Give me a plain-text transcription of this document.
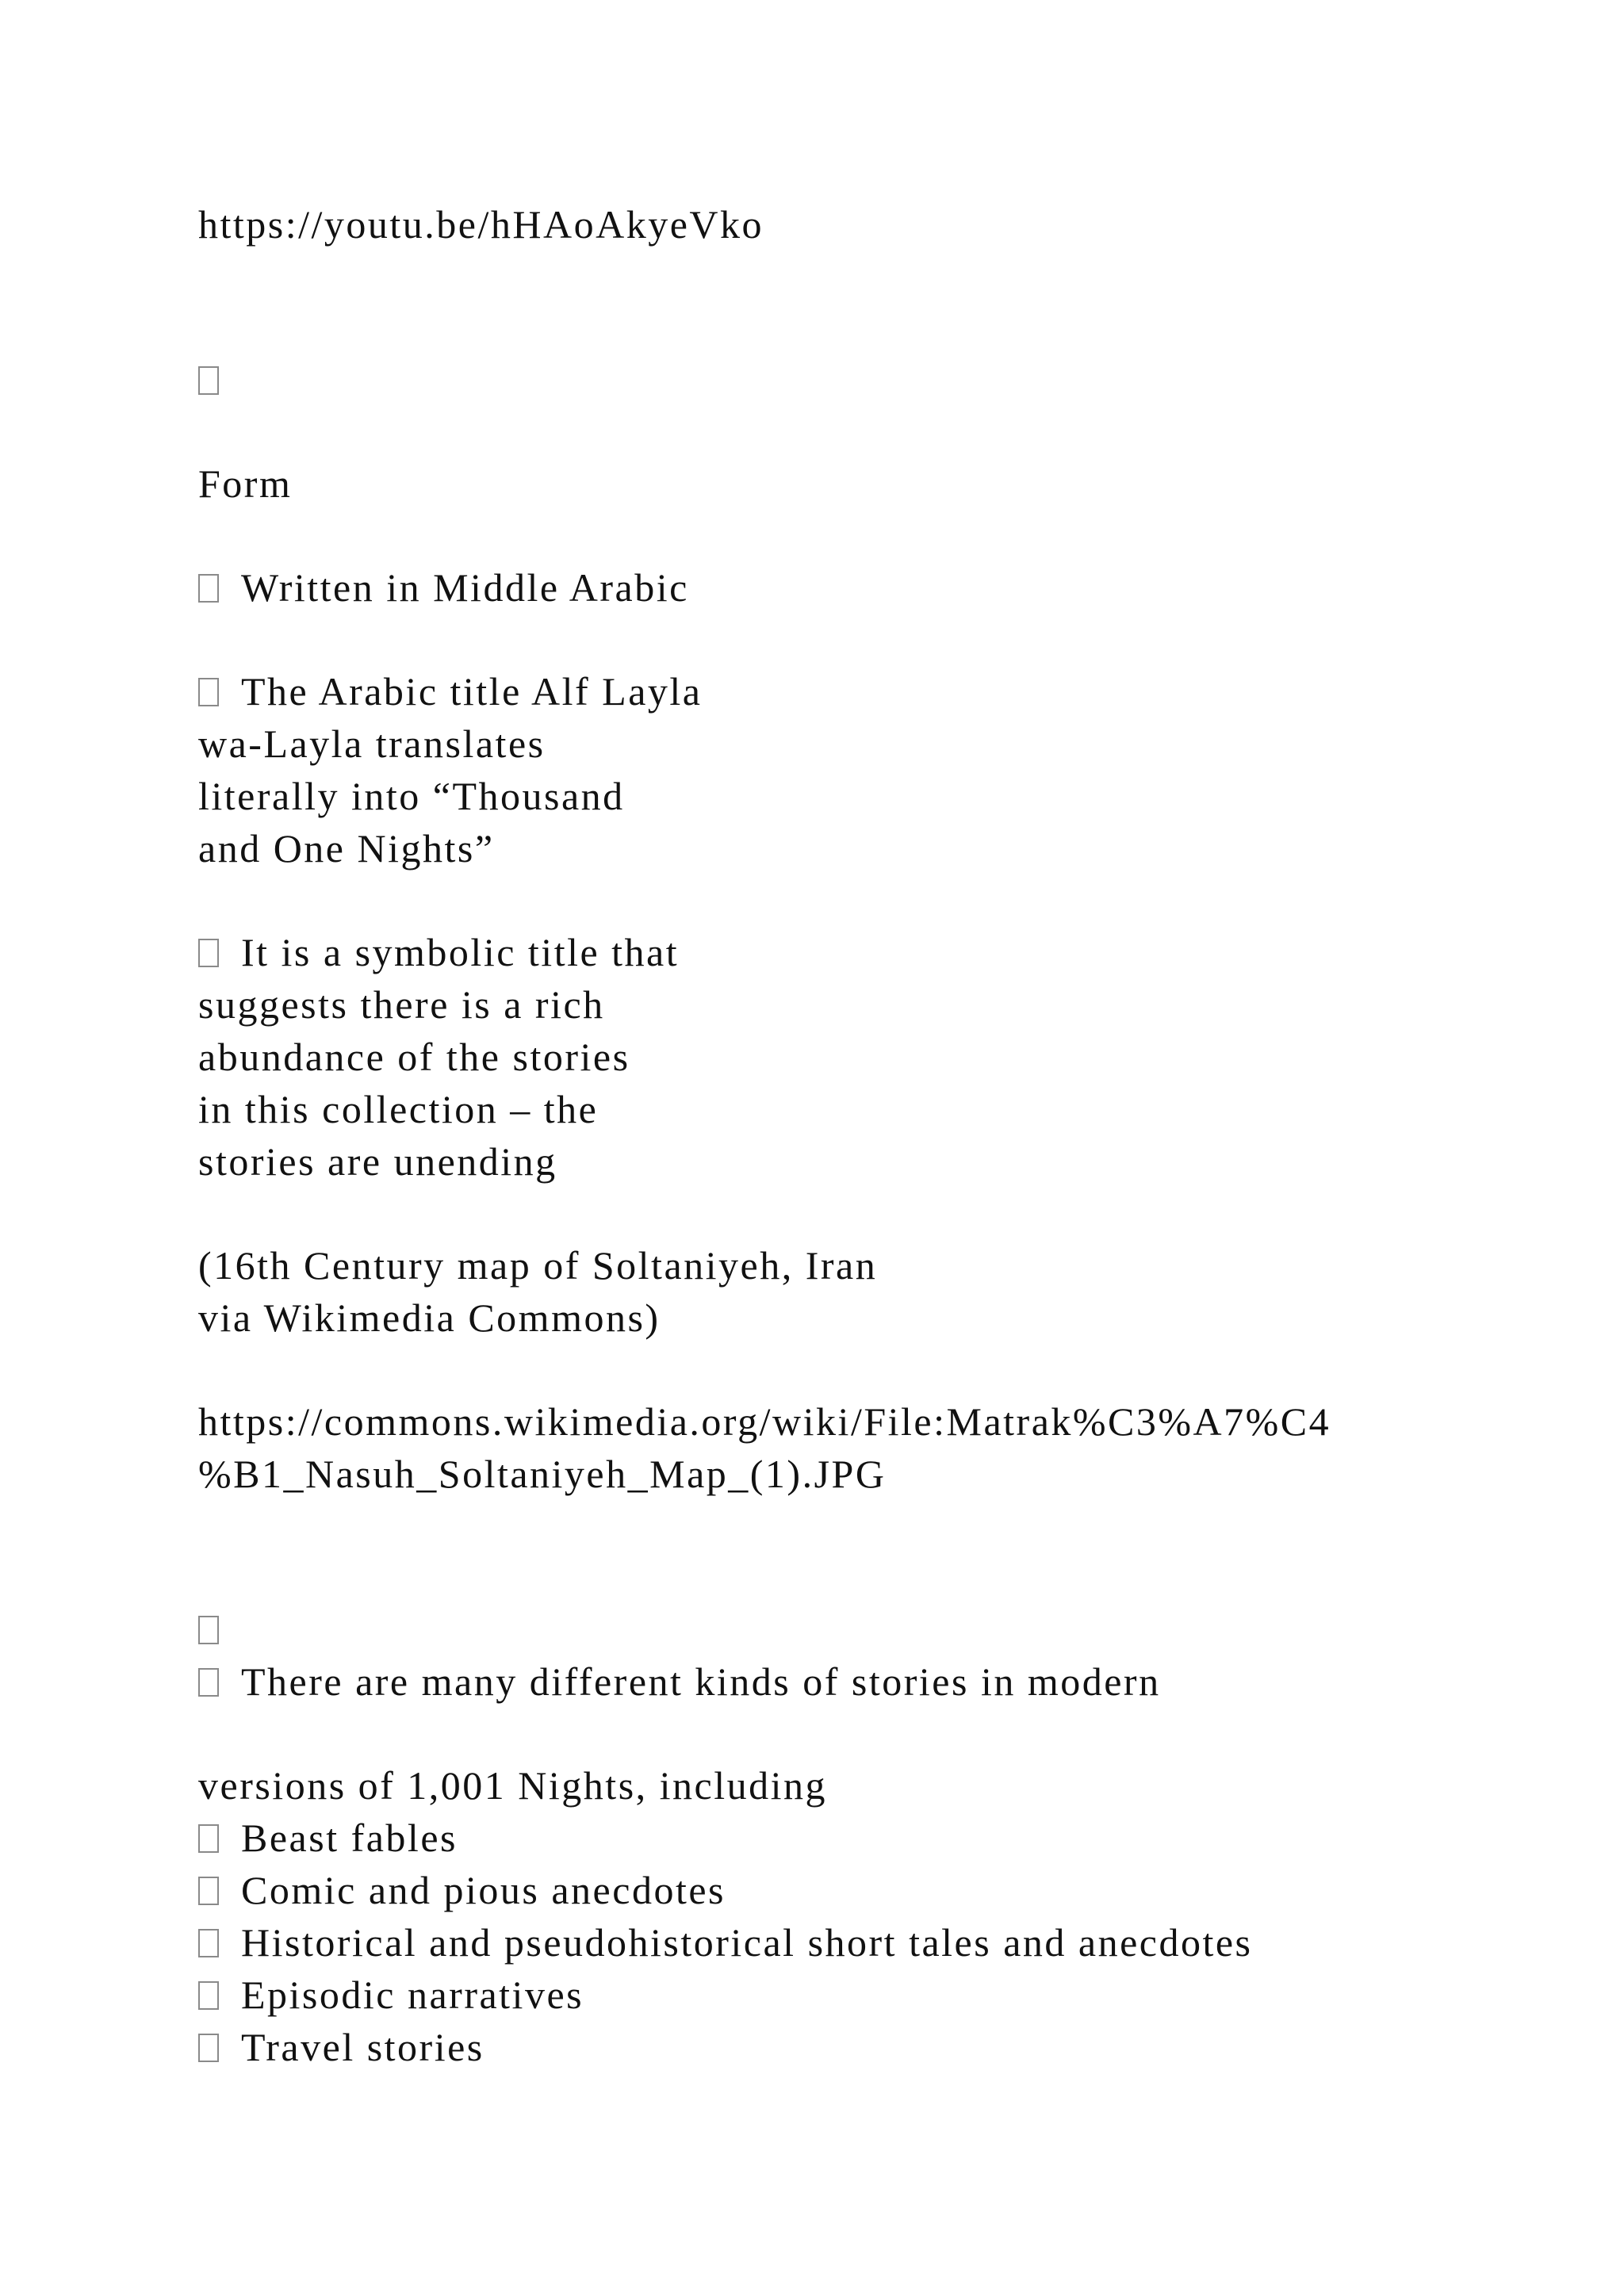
https://youtu.be/hHAoAkyeVko
Form
Written in Middle Arabic
The Arabic title Alf Layla
wa-Layla translates
literally into “Thousand
and One Nights”
It is a symbolic title that
suggests there is a rich
abundance of the stories
in this collection – the
stories are unending
(16th Century map of Soltaniyeh, Iran
via Wikimedia Commons)
https://commons.wikimedia.org/wiki/File:Matrak%C3%A7%C4
%B1_Nasuh_Soltaniyeh_Map_(1).JPG
There are many different kinds of stories in modern
versions of 1,001 Nights, including
Beast fables
Comic and pious anecdotes
Historical and pseudohistorical short tales and anecdotes
Episodic narratives
Travel stories
